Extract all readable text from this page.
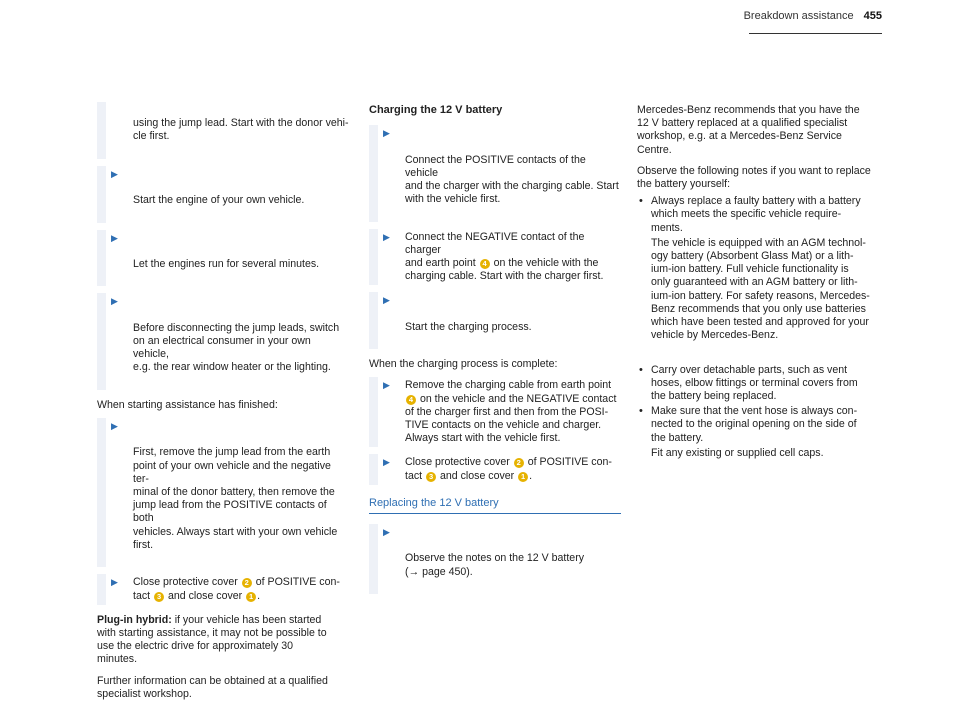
Breakdown assistance 455

using the jump lead. Start with the donor vehi-
cle first.

▶

Start the engine of your own vehicle.

▶

Let the engines run for several minutes.

▶

Before disconnecting the jump leads, switch
on an electrical consumer in your own vehicle,
e.g. the rear window heater or the lighting.

When starting assistance has finished:

▶

First, remove the jump lead from the earth
point of your own vehicle and the negative ter-
minal of the donor battery, then remove the
jump lead from the POSITIVE contacts of both
vehicles. Always start with your own vehicle
first.

▶	Close protective cover 2 of POSITIVE con-
tact 3 and close cover 1 .
Plug-in hybrid: if your vehicle has been started
with starting assistance, it may not be possible to
use the electric drive for approximately 30
minutes.
Further information can be obtained at a qualified
specialist workshop.
Charging the 12 V battery

▶

Connect the POSITIVE contacts of the vehicle
and the charger with the charging cable. Start
with the vehicle first.

▶	Connect the NEGATIVE contact of the charger
and earth point 4 on the vehicle with the
charging cable. Start with the charger first.

▶

Start the charging process.

When the charging process is complete:
▶	Remove the charging cable from earth point
4 on the vehicle and the NEGATIVE contact
of the charger first and then from the POSI-
TIVE contacts on the vehicle and charger.
Always start with the vehicle first.
▶	Close protective cover 2 of POSITIVE con-
tact 3 and close cover 1 .
Replacing the 12 V battery

▶

Observe the notes on the 12 V battery
(→ page 450).

Mercedes-Benz recommends that you have the
12 V battery replaced at a qualified specialist
workshop, e.g. at a Mercedes-Benz Service
Centre.
Observe the following notes if you want to replace
the battery yourself:
• Always replace a faulty battery with a battery
which meets the specific vehicle require-
ments.

The vehicle is equipped with an AGM technol-
ogy battery (Absorbent Glass Mat) or a lith-
ium-ion battery. Full vehicle functionality is
only guaranteed with an AGM battery or lith-
ium-ion battery. For safety reasons, Mercedes-
Benz recommends that you only use batteries
which have been tested and approved for your
vehicle by Mercedes-Benz.

• Carry over detachable parts, such as vent
hoses, elbow fittings or terminal covers from
the battery being replaced.
• Make sure that the vent hose is always con-
nected to the original opening on the side of
the battery.

Fit any existing or supplied cell caps.
